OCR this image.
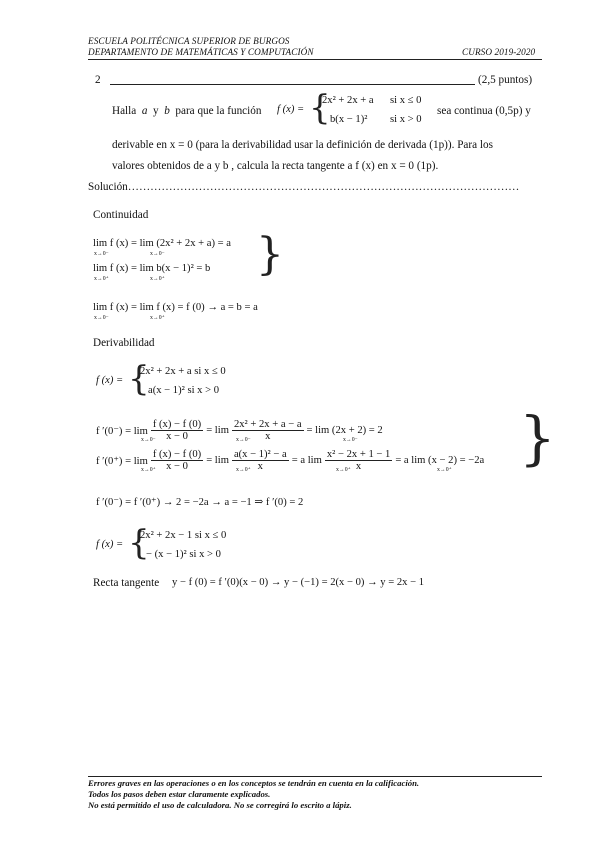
ESCUELA POLITÉCNICA SUPERIOR DE BURGOS
DEPARTAMENTO DE MATEMÁTICAS Y COMPUTACIÓN	CURSO 2019-2020
2	(2,5 puntos)
Halla a y b para que la función f (x) = {
2x² + 2x + a si x ≤ 0
b(x − 1)² si x > 0
sea continua (0,5p) y
derivable en x = 0 (para la derivabilidad usar la definición de derivada (1p)). Para los
valores obtenidos de a y b , calcula la recta tangente a f (x) en x = 0 (1p).
Solución……………………………………………………………………………………………
Continuidad
lim f (x) = lim (2x² + 2x + a) = a
x→0⁻	x→0⁻
lim f (x) = lim b(x − 1)² = b
x→0⁺	x→0⁺ }
lim f (x) = lim f (x) = f (0) → a = b = a
x→0⁻	x→0⁺
Derivabilidad
f (x) = {
2x² + 2x + a si x ≤ 0
a(x − 1)² si x > 0
f ʹ(0⁻) = $\lim \frac{f (x) - f (0)}{x - 0} = \lim \frac{\text{2x² + 2x + a − a}}{x} = \lim (2x + 2) = 2$
x→0⁻	x→0⁻	x→0⁻
f ʹ(0⁺) = $\lim \frac{f (x) - f (0)}{x - 0} = \lim \frac{\text{a(x − 1)² − a}}{x} = a$ $\lim \frac{\text{x² − 2x + 1 − 1}}{x} = a$ lim (x − 2) = −2a
x→0⁺	x→0⁺	x→0⁺	x→0⁺ }
f ʹ(0⁻) = f ʹ(0⁺) → 2 = −2a → a = −1 ⇒ f ʹ(0) = 2
f (x) = {
2x² + 2x − 1 si x ≤ 0
− (x − 1)² si x > 0
Recta tangente y − f (0) = f ʹ(0)(x − 0) → y − (−1) = 2(x − 0) → y = 2x − 1
Errores graves en las operaciones o en los conceptos se tendrán en cuenta en la calificación.
Todos los pasos deben estar claramente explicados.
No está permitido el uso de calculadora. No se corregirá lo escrito a lápiz.
